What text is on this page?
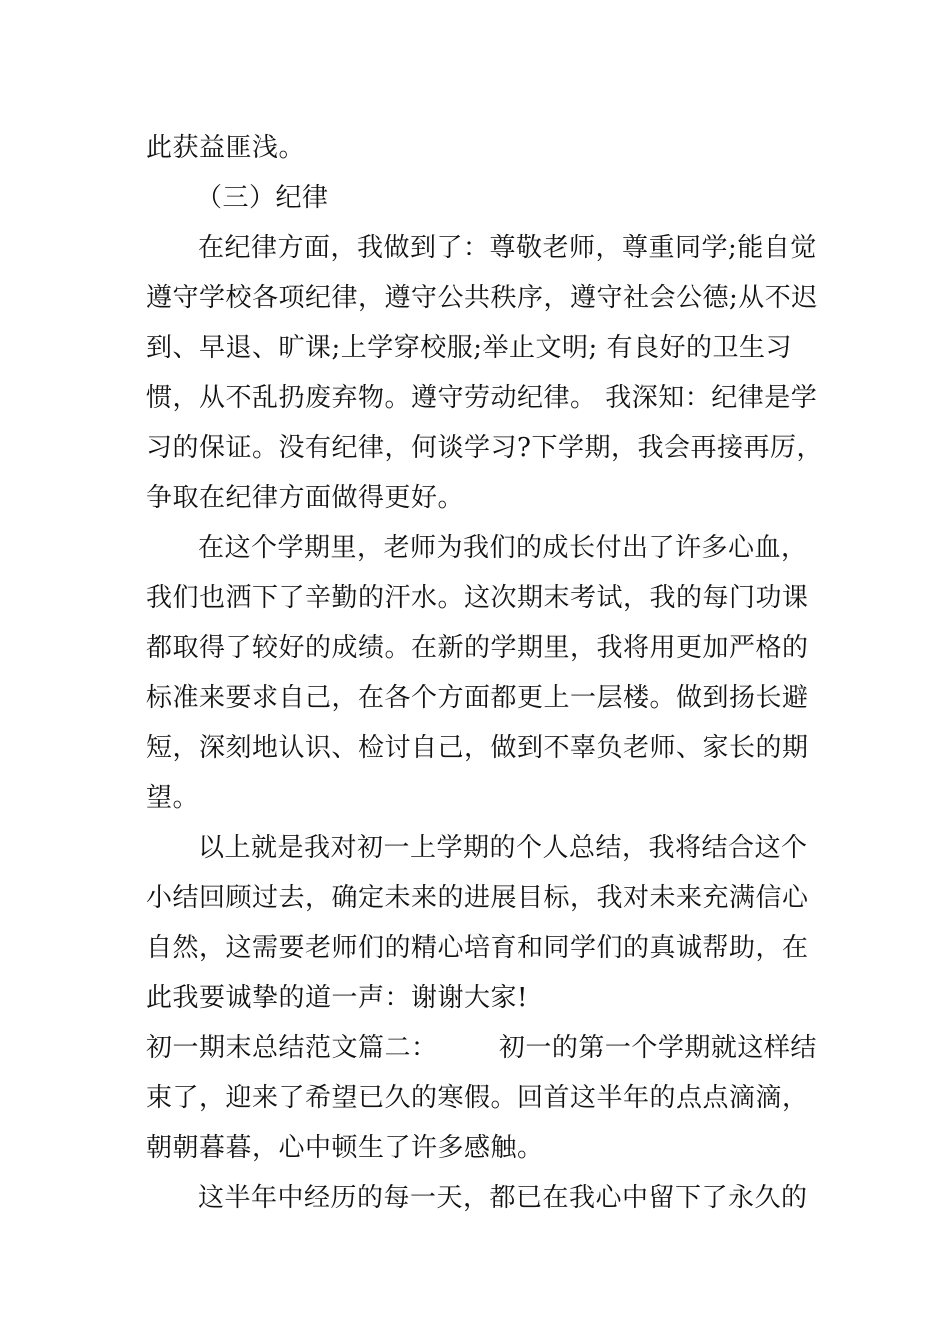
此获益匪浅。
（三）纪律
在纪律方面，我做到了：尊敬老师，尊重同学;能自觉
遵守学校各项纪律，遵守公共秩序，遵守社会公德;从不迟
到、早退、旷课;上学穿校服;举止文明; 有良好的卫生习
惯，从不乱扔废弃物。遵守劳动纪律。 我深知：纪律是学
习的保证。没有纪律，何谈学习?下学期，我会再接再厉，
争取在纪律方面做得更好。
在这个学期里，老师为我们的成长付出了许多心血，
我们也洒下了辛勤的汗水。这次期末考试，我的每门功课
都取得了较好的成绩。在新的学期里，我将用更加严格的
标准来要求自己，在各个方面都更上一层楼。做到扬长避
短，深刻地认识、检讨自己，做到不辜负老师、家长的期
望。
以上就是我对初一上学期的个人总结，我将结合这个
小结回顾过去，确定未来的进展目标，我对未来充满信心
自然，这需要老师们的精心培育和同学们的真诚帮助，在
此我要诚挚的道一声：谢谢大家!
初一期末总结范文篇二：       初一的第一个学期就这样结
束了，迎来了希望已久的寒假。回首这半年的点点滴滴，
朝朝暮暮，心中顿生了许多感触。
这半年中经历的每一天，都已在我心中留下了永久的
